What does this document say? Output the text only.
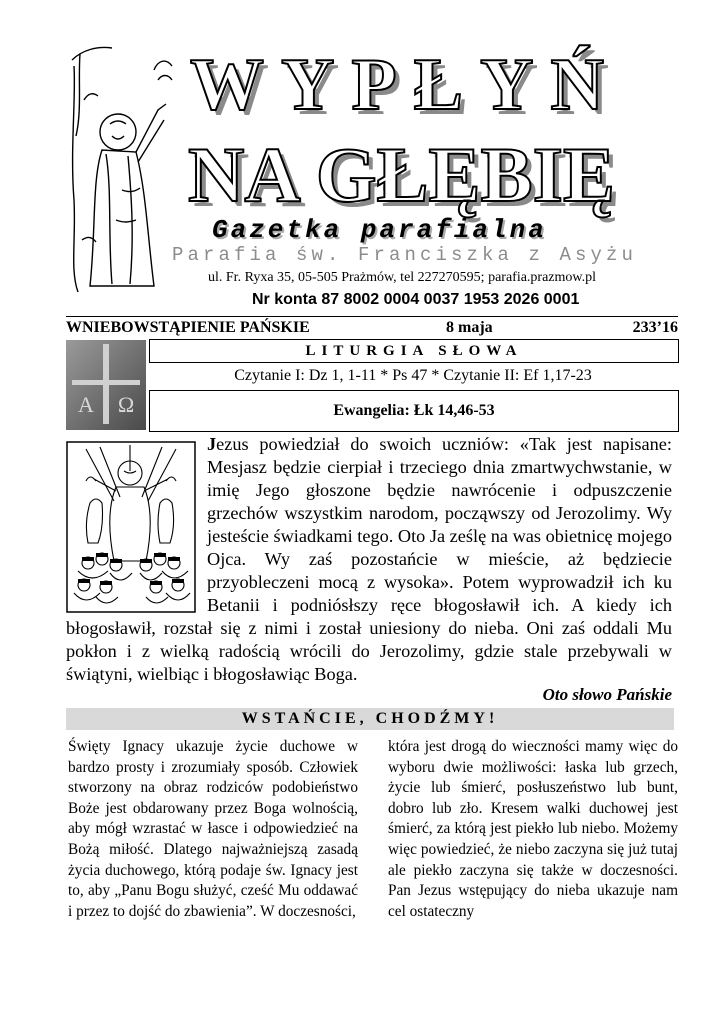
WYPŁYŃ
NA GŁĘBIĘ
Gazetka parafialna
Parafia św. Franciszka z Asyżu
ul. Fr. Ryxa 35, 05-505 Prażmów, tel 227270595; parafia.prazmow.pl
Nr konta 87 8002 0004 0037 1953 2026 0001
WNIEBOWSTĄPIENIE PAŃSKIE	8 maja	233’16
A Ω
LITURGIA SŁOWA
Czytanie I: Dz 1, 1-11 * Ps 47 * Czytanie II: Ef 1,17-23
Ewangelia: Łk 14,46-53

Jezus powiedział do swoich uczniów: «Tak jest napisane: Mesjasz będzie cierpiał i trzeciego dnia zmartwychwstanie, w imię Jego głoszone będzie nawrócenie i odpuszczenie grzechów wszystkim narodom, począwszy od Jerozolimy. Wy jesteście świadkami tego. Oto Ja ześlę na was obietnicę mojego Ojca. Wy zaś pozostańcie w mieście, aż będziecie przyobleczeni mocą z wysoka». Potem wyprowadził ich ku Betanii i podniósłszy ręce błogosławił ich. A kiedy ich błogosławił, rozstał się z nimi i został uniesiony do nieba. Oni zaś oddali Mu pokłon i z wielką radością wrócili do Jerozolimy, gdzie stale przebywali w świątyni, wielbiąc i błogosławiąc Boga.

Oto słowo Pańskie
WSTAŃCIE, CHODŹMY!

Święty Ignacy ukazuje życie duchowe w bardzo prosty i zrozumiały sposób. Człowiek stworzony na obraz rodziców podobieństwo Boże jest obdarowany przez Boga wolnością, aby mógł wzrastać w łasce i odpowiedzieć na Bożą miłość. Dlatego najważniejszą zasadą życia duchowego, którą podaje św. Ignacy jest to, aby „Panu Bogu służyć, cześć Mu oddawać i przez to dojść do zbawienia”. W doczesności,

która jest drogą do wieczności mamy więc do wyboru dwie możliwości: łaska lub grzech, życie lub śmierć, posłuszeństwo lub bunt, dobro lub zło. Kresem walki duchowej jest śmierć, za którą jest piekło lub niebo. Możemy więc powiedzieć, że niebo zaczyna się już tutaj ale piekło zaczyna się także w doczesności. Pan Jezus wstępujący do nieba ukazuje nam cel ostateczny
